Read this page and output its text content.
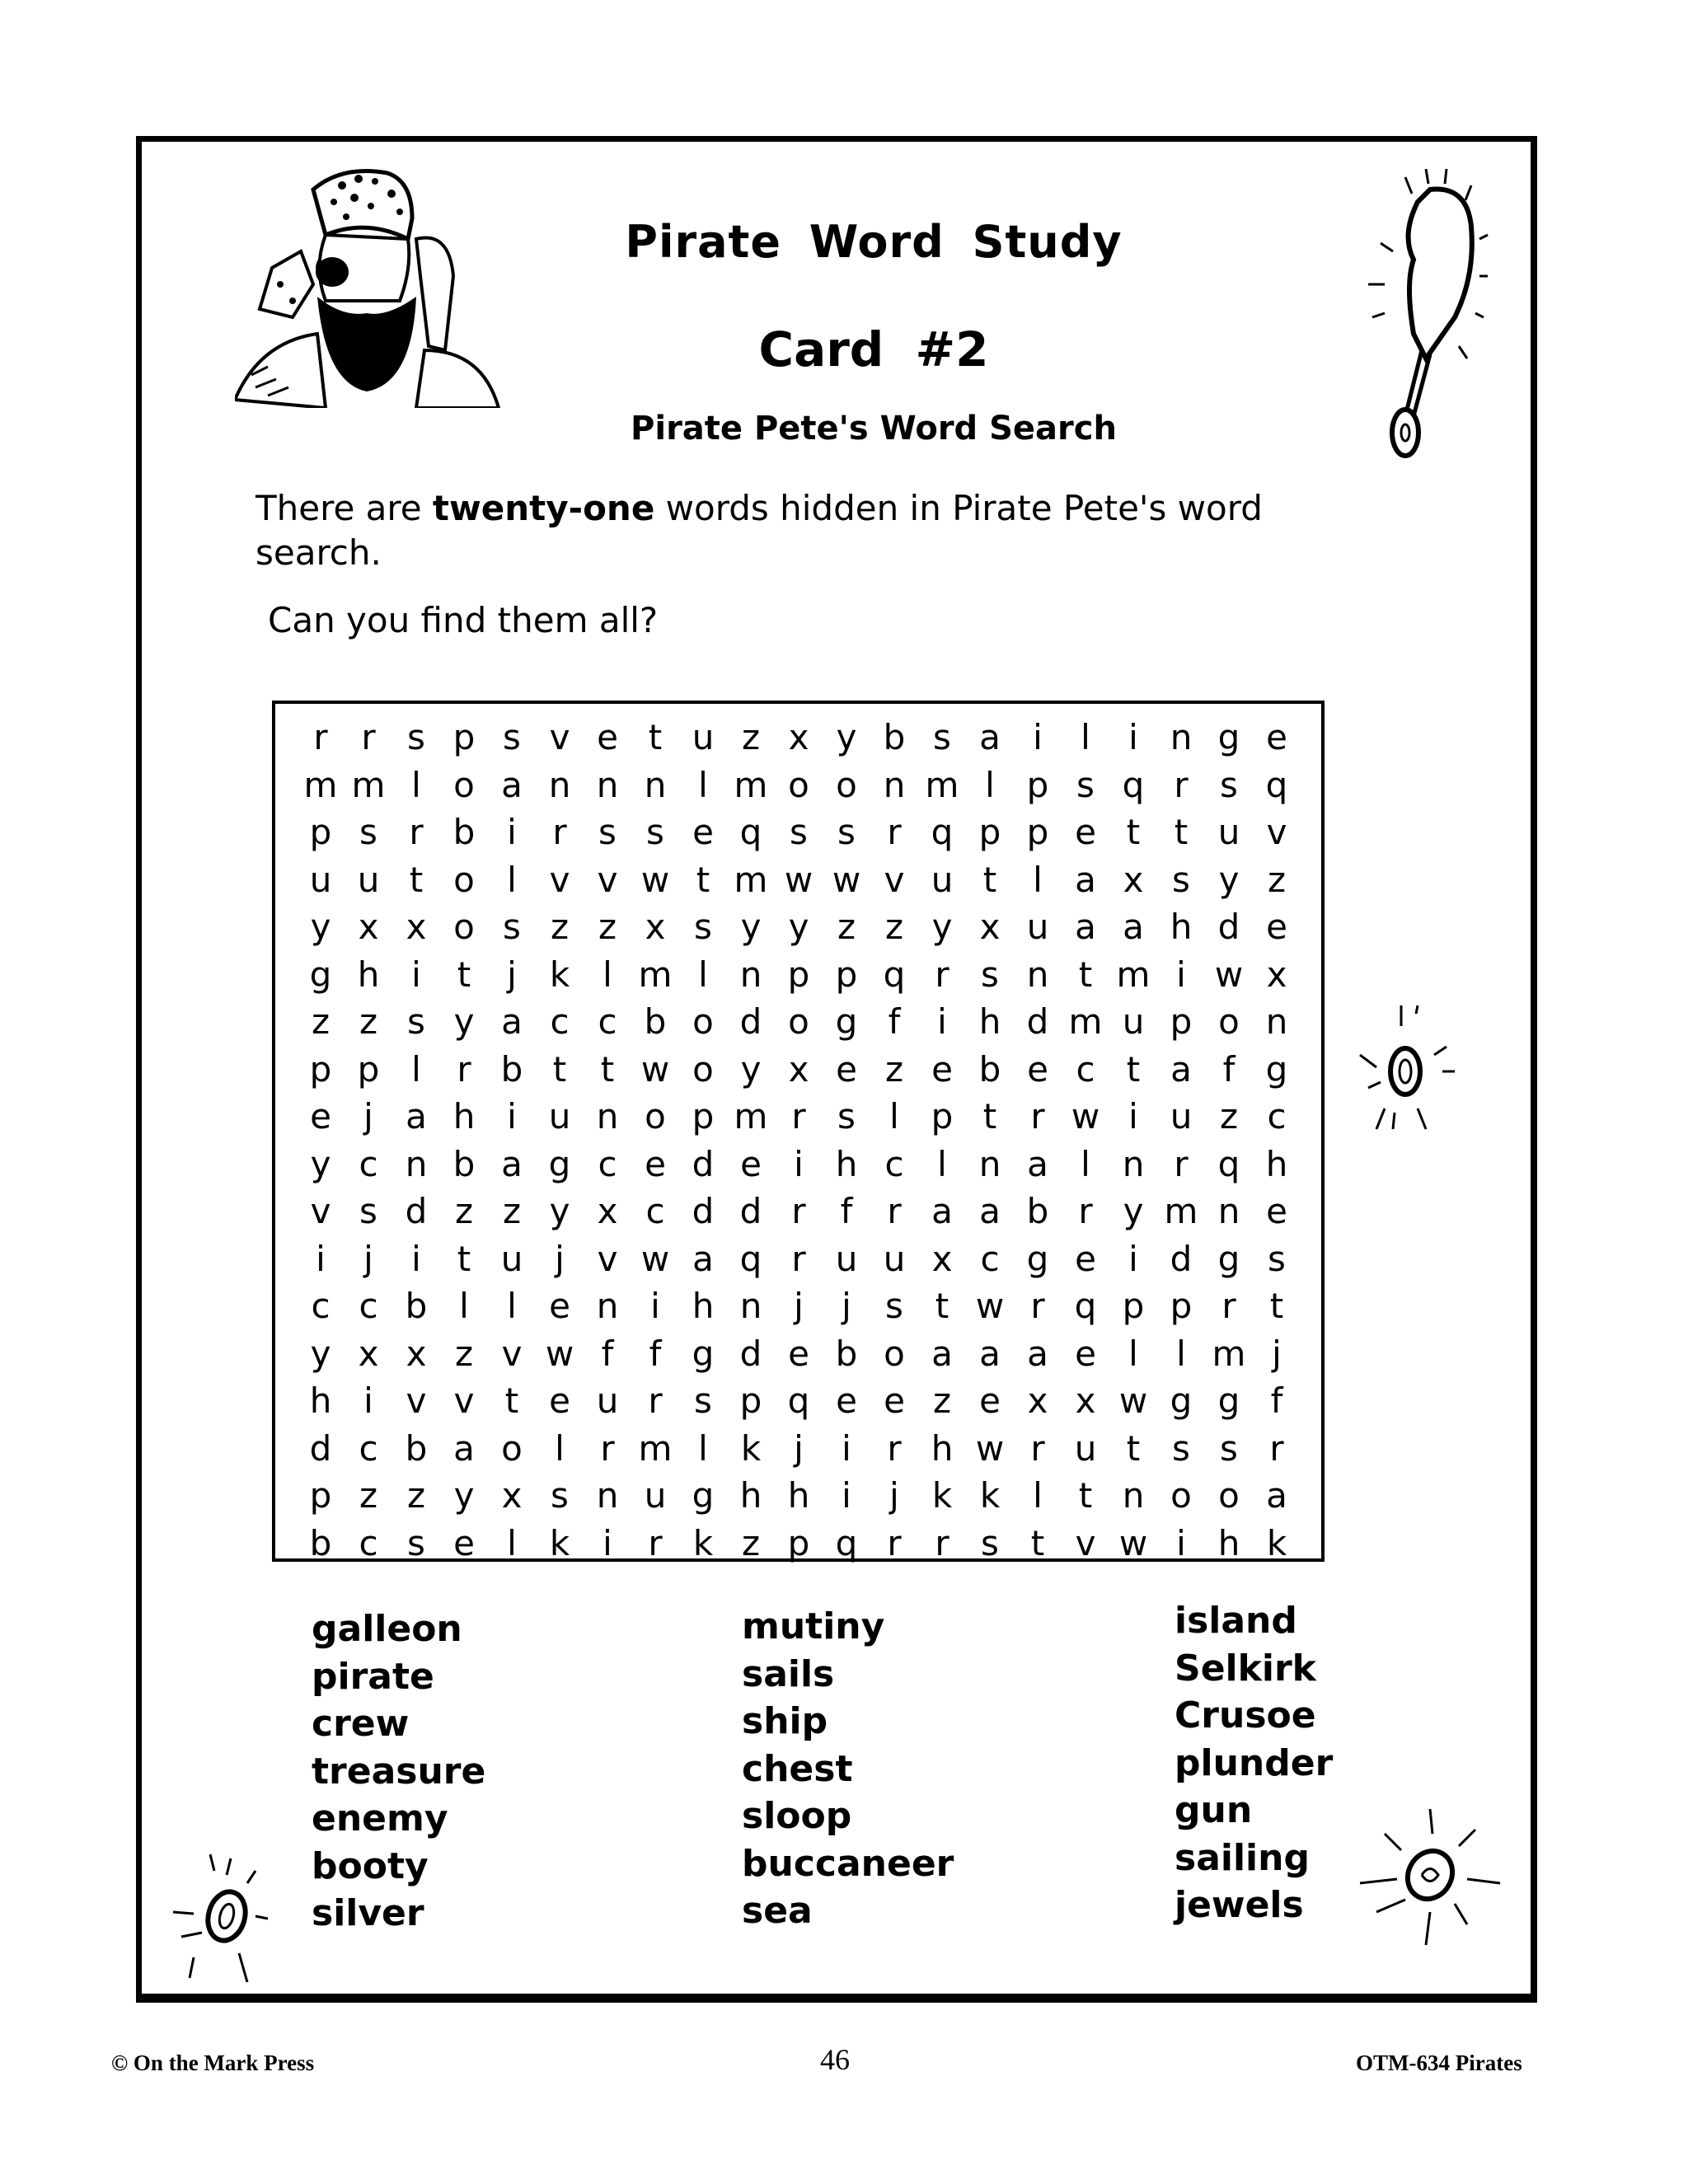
Pirate Word Study
Card #2
Pirate Pete's Word Search
There are twenty-one words hidden in Pirate Pete's word search.
Can you find them all?
r r s p s v e t u z x y b s a i	l	i n g e
m m l o a n n n l m o o n m l p s q r s q
p s r b i	r s s e q s s r q p p e t t u v
u u t o l v v w t m w w v u t	l a x s y z
y x x o s z z x s y y z z y x u a a h d e
g h i	t	j k l m l n p p q r s n t m i w x
z z s y a c c b o d o g f	i h d m u p o n
p p l	r b t t w o y x e z e b e c t a f g
e j a h i u n o p m r s l p t r w i u z c
y c n b a g c e d e i h c l n a l n r q h
v s d z z y x c d d r f r a a b r y m n e
i	j	i	t u j v w a q r u u x c g e i d g s
c c b l	l e n i h n j	j s t w r q p p r t
y x x z v w f	f g d e b o a a a e l	l m j
h i v v t e u r s p q e e z e x x w g g f
d c b a o l	r m l k j	i	r h w r u t s s r
p z z y x s n u g h h i	j k k l	t n o o a
b c s e l k i	r k z p q r r s t v w i h k
galleon
pirate
crew
treasure
enemy
booty
silver
mutiny
sails
ship
chest
sloop
buccaneer
sea
island
Selkirk
Crusoe
plunder
gun
sailing
jewels
© On the Mark Press	46	OTM-634 Pirates
